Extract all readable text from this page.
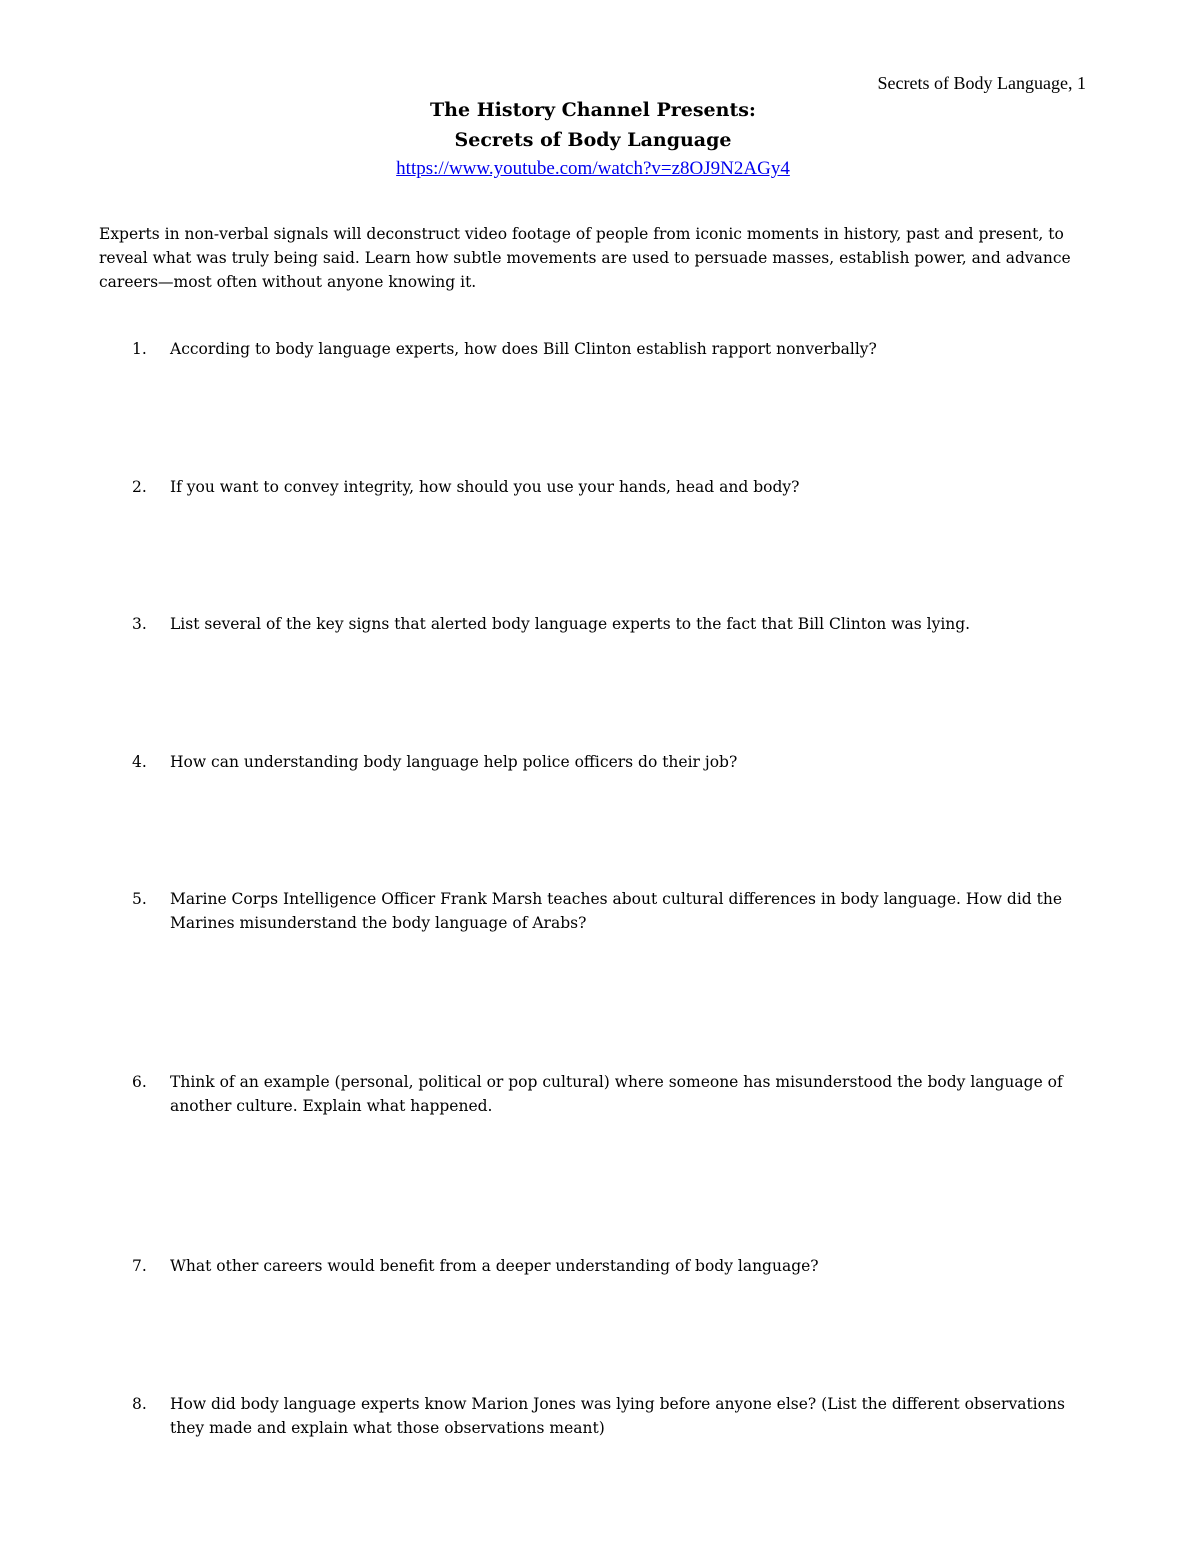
Secrets of Body Language, 1
The History Channel Presents:
Secrets of Body Language
https://www.youtube.com/watch?v=z8OJ9N2AGy4

Experts in non-verbal signals will deconstruct video footage of people from iconic moments in history, past and present, to reveal what was truly being said. Learn how subtle movements are used to persuade masses, establish power, and advance careers—most often without anyone knowing it.

1.	According to body language experts, how does Bill Clinton establish rapport nonverbally?
2.	If you want to convey integrity, how should you use your hands, head and body?
3.	List several of the key signs that alerted body language experts to the fact that Bill Clinton was lying.
4.	How can understanding body language help police officers do their job?
5.	Marine Corps Intelligence Officer Frank Marsh teaches about cultural differences in body language. How did the Marines misunderstand the body language of Arabs?
6.	Think of an example (personal, political or pop cultural) where someone has misunderstood the body language of another culture. Explain what happened.
7.	What other careers would benefit from a deeper understanding of body language?
8.	How did body language experts know Marion Jones was lying before anyone else? (List the different observations they made and explain what those observations meant)
